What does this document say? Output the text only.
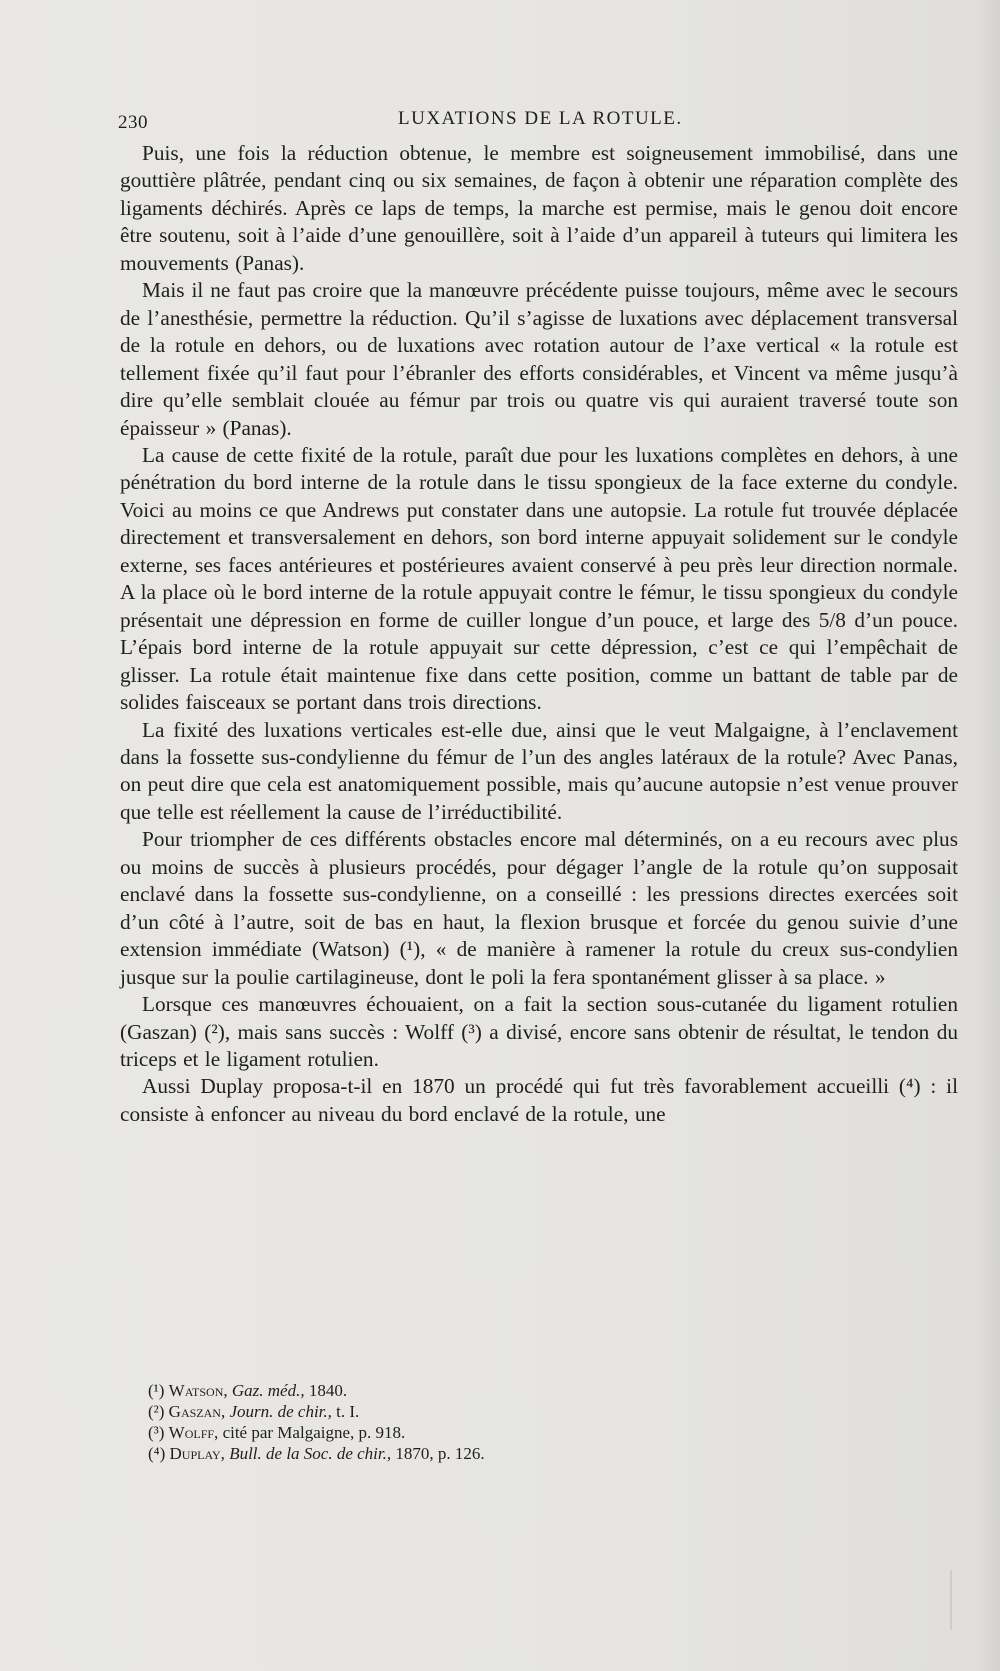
230	LUXATIONS DE LA ROTULE.

Puis, une fois la réduction obtenue, le membre est soigneusement immobilisé, dans une gouttière plâtrée, pendant cinq ou six semaines, de façon à obtenir une réparation complète des ligaments déchirés. Après ce laps de temps, la marche est permise, mais le genou doit encore être soutenu, soit à l’aide d’une genouillère, soit à l’aide d’un appareil à tuteurs qui limitera les mouvements (Panas).

Mais il ne faut pas croire que la manœuvre précédente puisse toujours, même avec le secours de l’anesthésie, permettre la réduction. Qu’il s’agisse de luxations avec déplacement transversal de la rotule en dehors, ou de luxations avec rotation autour de l’axe vertical « la rotule est tellement fixée qu’il faut pour l’ébranler des efforts considérables, et Vincent va même jusqu’à dire qu’elle semblait clouée au fémur par trois ou quatre vis qui auraient traversé toute son épaisseur » (Panas).

La cause de cette fixité de la rotule, paraît due pour les luxations complètes en dehors, à une pénétration du bord interne de la rotule dans le tissu spongieux de la face externe du condyle. Voici au moins ce que Andrews put constater dans une autopsie. La rotule fut trouvée déplacée directement et transversalement en dehors, son bord interne appuyait solidement sur le condyle externe, ses faces antérieures et postérieures avaient conservé à peu près leur direction normale. A la place où le bord interne de la rotule appuyait contre le fémur, le tissu spongieux du condyle présentait une dépression en forme de cuiller longue d’un pouce, et large des 5/8 d’un pouce. L’épais bord interne de la rotule appuyait sur cette dépression, c’est ce qui l’empêchait de glisser. La rotule était maintenue fixe dans cette position, comme un battant de table par de solides faisceaux se portant dans trois directions.

La fixité des luxations verticales est-elle due, ainsi que le veut Malgaigne, à l’enclavement dans la fossette sus-condylienne du fémur de l’un des angles latéraux de la rotule? Avec Panas, on peut dire que cela est anatomiquement possible, mais qu’aucune autopsie n’est venue prouver que telle est réellement la cause de l’irréductibilité.

Pour triompher de ces différents obstacles encore mal déterminés, on a eu recours avec plus ou moins de succès à plusieurs procédés, pour dégager l’angle de la rotule qu’on supposait enclavé dans la fossette sus-condylienne, on a conseillé : les pressions directes exercées soit d’un côté à l’autre, soit de bas en haut, la flexion brusque et forcée du genou suivie d’une extension immédiate (Watson) (¹), « de manière à ramener la rotule du creux sus-condylien jusque sur la poulie cartilagineuse, dont le poli la fera spontanément glisser à sa place. »

Lorsque ces manœuvres échouaient, on a fait la section sous-cutanée du ligament rotulien (Gaszan) (²), mais sans succès : Wolff (³) a divisé, encore sans obtenir de résultat, le tendon du triceps et le ligament rotulien.

Aussi Duplay proposa-t-il en 1870 un procédé qui fut très favorablement accueilli (⁴) : il consiste à enfoncer au niveau du bord enclavé de la rotule, une

(¹) Watson, Gaz. méd., 1840.

(²) Gaszan, Journ. de chir., t. I.

(³) Wolff, cité par Malgaigne, p. 918.

(⁴) Duplay, Bull. de la Soc. de chir., 1870, p. 126.
